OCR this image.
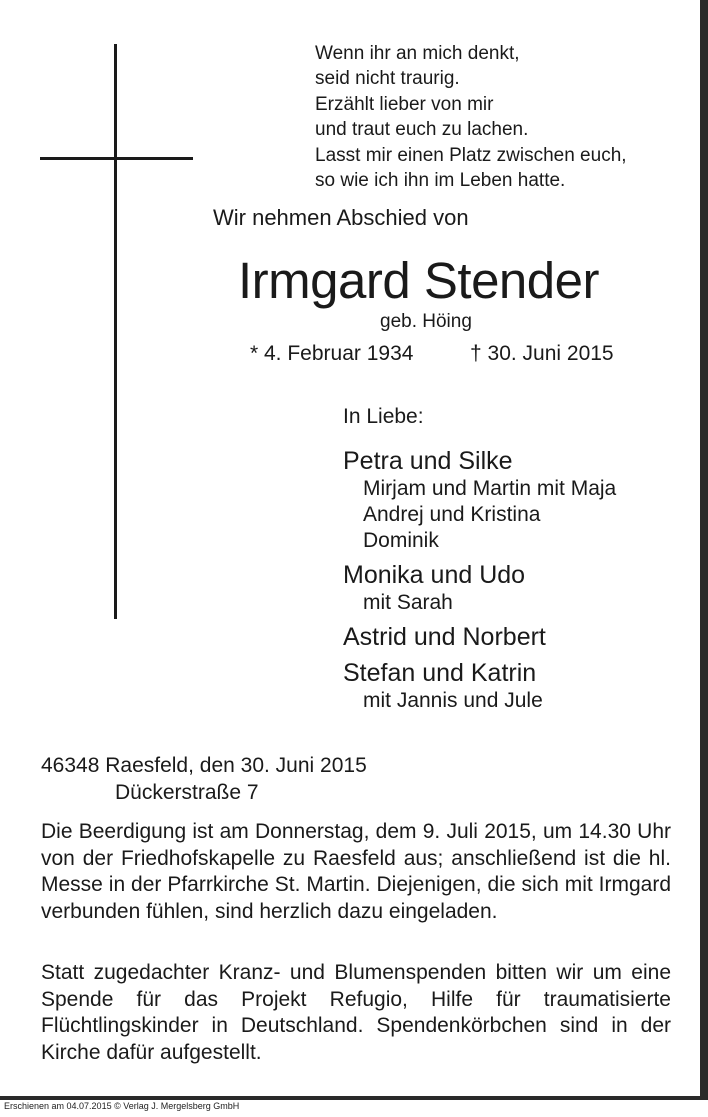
Wenn ihr an mich denkt,
seid nicht traurig.
Erzählt lieber von mir
und traut euch zu lachen.
Lasst mir einen Platz zwischen euch,
so wie ich ihn im Leben hatte.
Wir nehmen Abschied von
Irmgard Stender
geb. Höing
* 4. Februar 1934	† 30. Juni 2015
In Liebe:
Petra und Silke
Mirjam und Martin mit Maja
Andrej und Kristina
Dominik
Monika und Udo
mit Sarah
Astrid und Norbert
Stefan und Katrin
mit Jannis und Jule
46348 Raesfeld, den 30. Juni 2015
Dückerstraße 7
Die Beerdigung ist am Donnerstag, dem 9. Juli 2015, um 14.30 Uhr von der Friedhofskapelle zu Raesfeld aus; anschließend ist die hl. Messe in der Pfarrkirche St. Martin. Diejenigen, die sich mit Irmgard verbunden fühlen, sind herzlich dazu eingeladen.
Statt zugedachter Kranz- und Blumenspenden bitten wir um eine Spende für das Projekt Refugio, Hilfe für traumatisierte Flüchtlingskinder in Deutschland. Spendenkörbchen sind in der Kirche dafür aufgestellt.
Erschienen am 04.07.2015 © Verlag J. Mergelsberg GmbH
